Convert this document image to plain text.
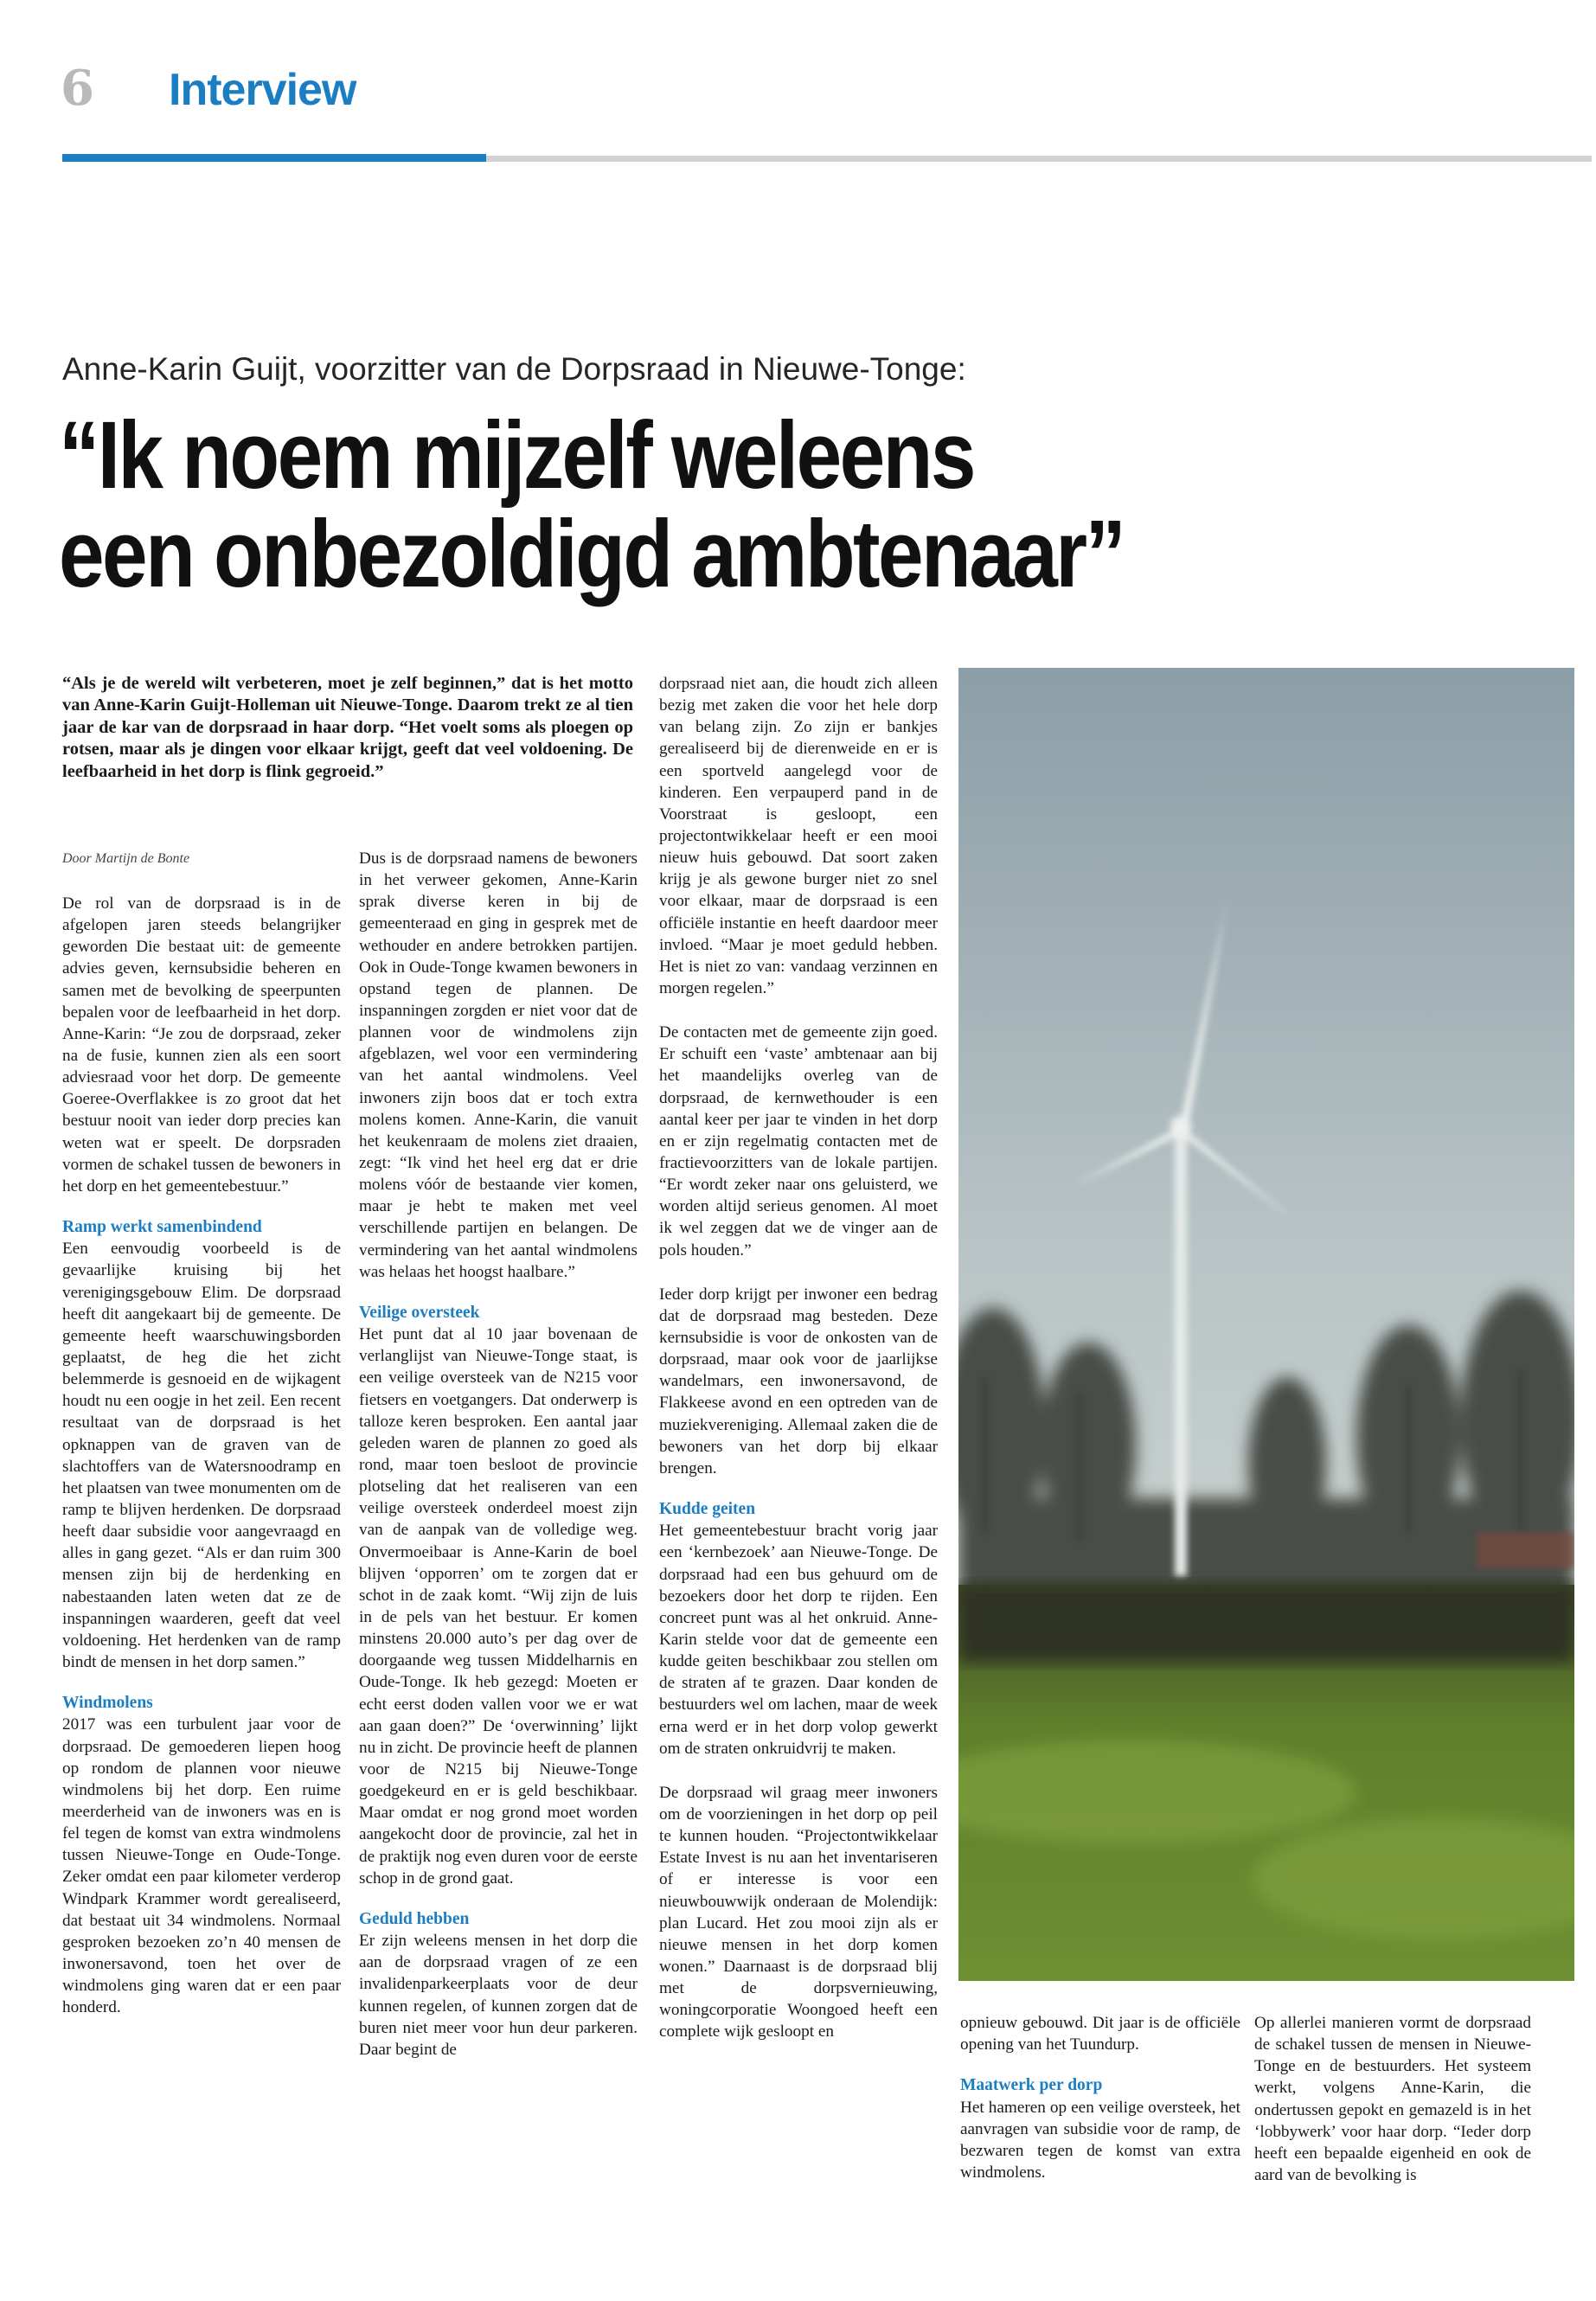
6 Interview
Anne-Karin Guijt, voorzitter van de Dorpsraad in Nieuwe-Tonge:
“Ik noem mijzelf weleens
een onbezoldigd ambtenaar”

“Als je de wereld wilt verbeteren, moet je zelf beginnen,” dat is het motto van Anne-Karin Guijt-Holleman uit Nieuwe-Tonge. Daarom trekt ze al tien jaar de kar van de dorpsraad in haar dorp. “Het voelt soms als ploegen op rotsen, maar als je dingen voor elkaar krijgt, geeft dat veel voldoening. De leefbaarheid in het dorp is flink gegroeid.”

Door Martijn de Bonte

De rol van de dorpsraad is in de afgelopen jaren steeds belangrijker geworden Die bestaat uit: de gemeente advies geven, kernsubsidie beheren en samen met de bevolking de speerpunten bepalen voor de leefbaarheid in het dorp. Anne-Karin: “Je zou de dorpsraad, zeker na de fusie, kunnen zien als een soort adviesraad voor het dorp. De gemeente Goeree-Overflakkee is zo groot dat het bestuur nooit van ieder dorp precies kan weten wat er speelt. De dorpsraden vormen de schakel tussen de bewoners in het dorp en het gemeentebestuur.”

Ramp werkt samenbindend

Een eenvoudig voorbeeld is de gevaarlijke kruising bij het verenigingsgebouw Elim. De dorpsraad heeft dit aangekaart bij de gemeente. De gemeente heeft waarschuwingsborden geplaatst, de heg die het zicht belemmerde is gesnoeid en de wijkagent houdt nu een oogje in het zeil. Een recent resultaat van de dorpsraad is het opknappen van de graven van de slachtoffers van de Watersnoodramp en het plaatsen van twee monumenten om de ramp te blijven herdenken. De dorpsraad heeft daar subsidie voor aangevraagd en alles in gang gezet. “Als er dan ruim 300 mensen zijn bij de herdenking en nabestaanden laten weten dat ze de inspanningen waarderen, geeft dat veel voldoening. Het herdenken van de ramp bindt de mensen in het dorp samen.”

Windmolens

2017 was een turbulent jaar voor de dorpsraad. De gemoederen liepen hoog op rondom de plannen voor nieuwe windmolens bij het dorp. Een ruime meerderheid van de inwoners was en is fel tegen de komst van extra windmolens tussen Nieuwe-Tonge en Oude-Tonge. Zeker omdat een paar kilometer verderop Windpark Krammer wordt gerealiseerd, dat bestaat uit 34 windmolens. Normaal gesproken bezoeken zo’n 40 mensen de inwonersavond, toen het over de windmolens ging waren dat er een paar honderd.

Dus is de dorpsraad namens de bewoners in het verweer gekomen, Anne-Karin sprak diverse keren in bij de gemeenteraad en ging in gesprek met de wethouder en andere betrokken partijen. Ook in Oude-Tonge kwamen bewoners in opstand tegen de plannen. De inspanningen zorgden er niet voor dat de plannen voor de windmolens zijn afgeblazen, wel voor een vermindering van het aantal windmolens. Veel inwoners zijn boos dat er toch extra molens komen. Anne-Karin, die vanuit het keukenraam de molens ziet draaien, zegt: “Ik vind het heel erg dat er drie molens vóór de bestaande vier komen, maar je hebt te maken met veel verschillende partijen en belangen. De vermindering van het aantal windmolens was helaas het hoogst haalbare.”

Veilige oversteek

Het punt dat al 10 jaar bovenaan de verlanglijst van Nieuwe-Tonge staat, is een veilige oversteek van de N215 voor fietsers en voetgangers. Dat onderwerp is talloze keren besproken. Een aantal jaar geleden waren de plannen zo goed als rond, maar toen besloot de provincie plotseling dat het realiseren van een veilige oversteek onderdeel moest zijn van de aanpak van de volledige weg. Onvermoeibaar is Anne-Karin de boel blijven ‘opporren’ om te zorgen dat er schot in de zaak komt. “Wij zijn de luis in de pels van het bestuur. Er komen minstens 20.000 auto’s per dag over de doorgaande weg tussen Middelharnis en Oude-Tonge. Ik heb gezegd: Moeten er echt eerst doden vallen voor we er wat aan gaan doen?” De ‘overwinning’ lijkt nu in zicht. De provincie heeft de plannen voor de N215 bij Nieuwe-Tonge goedgekeurd en er is geld beschikbaar. Maar omdat er nog grond moet worden aangekocht door de provincie, zal het in de praktijk nog even duren voor de eerste schop in de grond gaat.

Geduld hebben

Er zijn weleens mensen in het dorp die aan de dorpsraad vragen of ze een invalidenparkeerplaats voor de deur kunnen regelen, of kunnen zorgen dat de buren niet meer voor hun deur parkeren. Daar begint de

dorpsraad niet aan, die houdt zich alleen bezig met zaken die voor het hele dorp van belang zijn. Zo zijn er bankjes gerealiseerd bij de dierenweide en er is een sportveld aangelegd voor de kinderen. Een verpauperd pand in de Voorstraat is gesloopt, een projectontwikkelaar heeft er een mooi nieuw huis gebouwd. Dat soort zaken krijg je als gewone burger niet zo snel voor elkaar, maar de dorpsraad is een officiële instantie en heeft daardoor meer invloed. “Maar je moet geduld hebben. Het is niet zo van: vandaag verzinnen en morgen regelen.”

De contacten met de gemeente zijn goed. Er schuift een ‘vaste’ ambtenaar aan bij het maandelijks overleg van de dorpsraad, de kernwethouder is een aantal keer per jaar te vinden in het dorp en er zijn regelmatig contacten met de fractievoorzitters van de lokale partijen. “Er wordt zeker naar ons geluisterd, we worden altijd serieus genomen. Al moet ik wel zeggen dat we de vinger aan de pols houden.”

Ieder dorp krijgt per inwoner een bedrag dat de dorpsraad mag besteden. Deze kernsubsidie is voor de onkosten van de dorpsraad, maar ook voor de jaarlijkse wandelmars, een inwonersavond, de Flakkeese avond en een optreden van de muziekvereniging. Allemaal zaken die de bewoners van het dorp bij elkaar brengen.

Kudde geiten

Het gemeentebestuur bracht vorig jaar een ‘kernbezoek’ aan Nieuwe-Tonge. De dorpsraad had een bus gehuurd om de bezoekers door het dorp te rijden. Een concreet punt was al het onkruid. Anne-Karin stelde voor dat de gemeente een kudde geiten beschikbaar zou stellen om de straten af te grazen. Daar konden de bestuurders wel om lachen, maar de week erna werd er in het dorp volop gewerkt om de straten onkruidvrij te maken.

De dorpsraad wil graag meer inwoners om de voorzieningen in het dorp op peil te kunnen houden. “Projectontwikkelaar Estate Invest is nu aan het inventariseren of er interesse is voor een nieuwbouwwijk onderaan de Molendijk: plan Lucard. Het zou mooi zijn als er nieuwe mensen in het dorp komen wonen.” Daarnaast is de dorpsraad blij met de dorpsvernieuwing, woningcorporatie Woongoed heeft een complete wijk gesloopt en	opnieuw gebouwd. Dit jaar is de officiële opening van het Tuundurp.

Maatwerk per dorp

Het hameren op een veilige oversteek, het aanvragen van subsidie voor de ramp, de bezwaren tegen de komst van extra windmolens.

Op allerlei manieren vormt de dorpsraad de schakel tussen de mensen in Nieuwe-Tonge en de bestuurders. Het systeem werkt, volgens Anne-Karin, die ondertussen gepokt en gemazeld is in het ‘lobbywerk’ voor haar dorp. “Ieder dorp heeft een bepaalde eigenheid en ook de aard van de bevolking is
